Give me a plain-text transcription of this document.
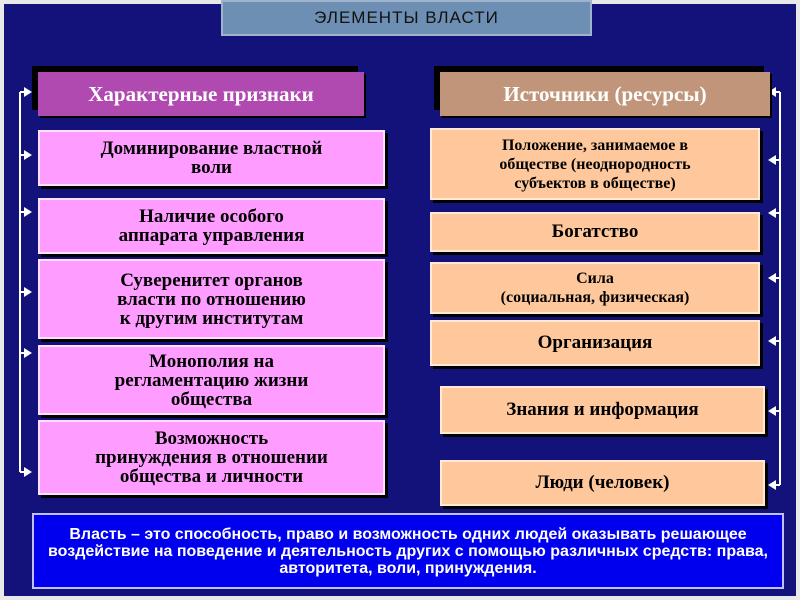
ЭЛЕМЕНТЫ ВЛАСТИ
Характерные признаки	Источники (ресурсы)
Доминирование властной
воли
Наличие особого
аппарата управления
Суверенитет органов
власти по отношению
к другим институтам
Монополия на
регламентацию жизни
общества
Возможность
принуждения в отношении
общества и личности
Положение, занимаемое в
обществе (неоднородность
субъектов в обществе)
Богатство
Сила
(социальная, физическая)
Организация
Знания и информация
Люди (человек)
Власть – это способность, право и возможность одних людей оказывать решающее воздействие на поведение и деятельность других с помощью различных средств: права, авторитета, воли, принуждения.
